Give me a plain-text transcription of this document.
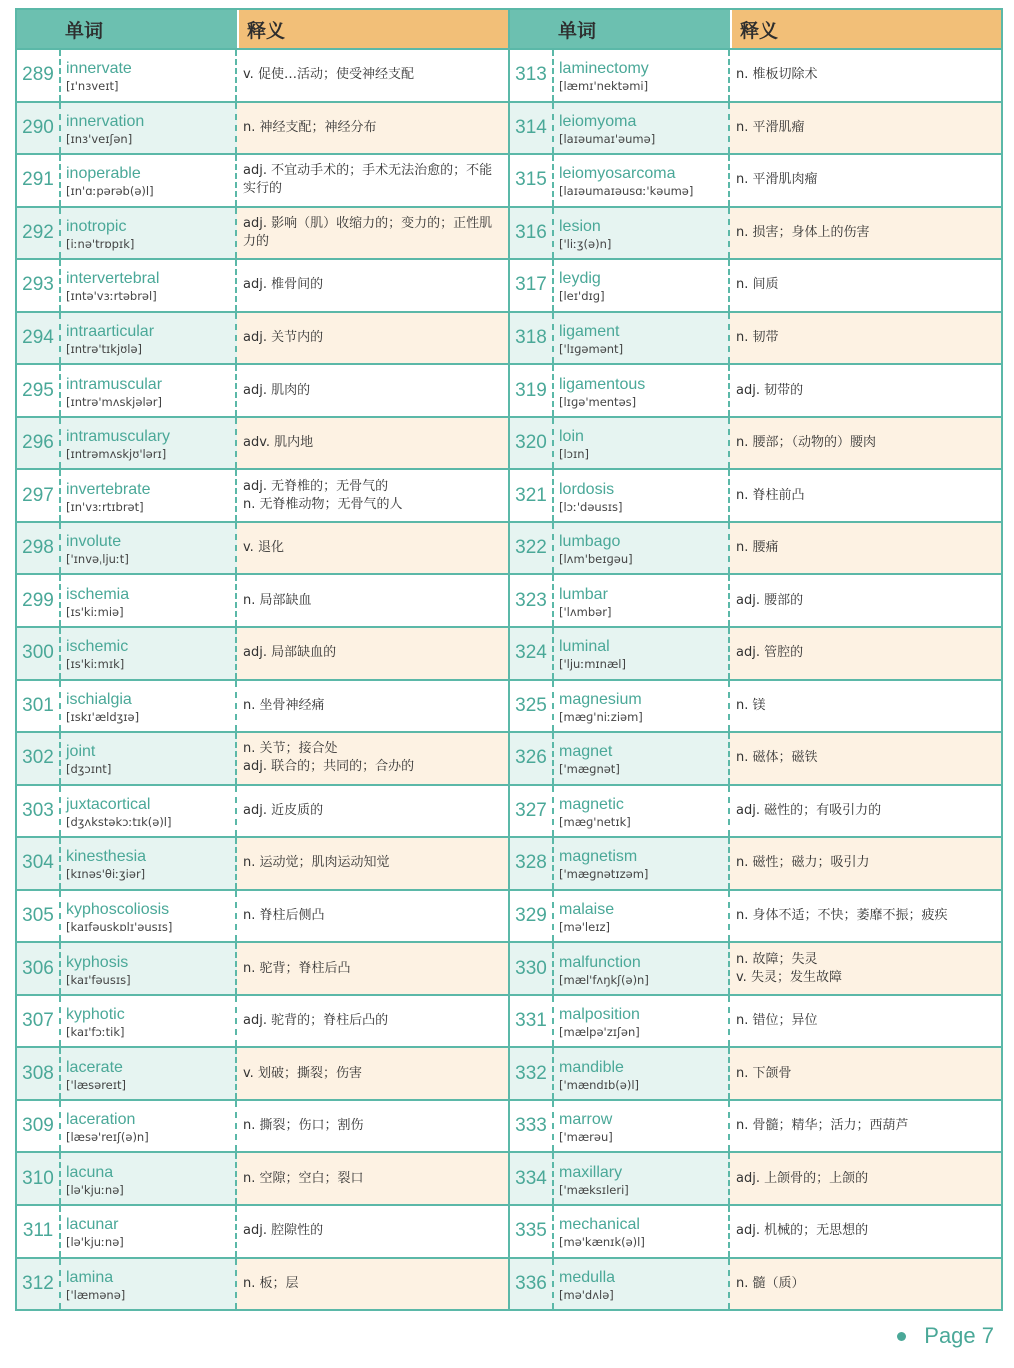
单词	释义
289 innervate
[ɪ'nɜveɪt]
v. 促使…活动；使受神经支配
290 innervation
[ɪnɜ'veɪʃən]
n. 神经支配；神经分布
291 inoperable
[ɪn'ɑːpərəb(ə)l]
adj. 不宜动手术的；手术无法治愈的；不能实行的
292 inotropic
[iːnə'trɒpɪk]
adj. 影响（肌）收缩力的；变力的；正性肌力的
293 intervertebral
[ɪntə'vɜːrtəbrəl]
adj. 椎骨间的
294 intraarticular
[ɪntrə'tɪkjʊlə]
adj. 关节内的
295 intramuscular
[ɪntrə'mʌskjələr]
adj. 肌肉的
296 intramusculary
[ɪntrəmʌskjʊ'lərɪ]
adv. 肌内地
297 invertebrate
[ɪn'vɜːrtɪbrət]
adj. 无脊椎的；无骨气的
n. 无脊椎动物；无骨气的人
298 involute
['ɪnvəˌljuːt]
v. 退化
299 ischemia
[ɪs'kiːmiə]
n. 局部缺血
300 ischemic
[ɪs'kiːmɪk]
adj. 局部缺血的
301 ischialgia
[ɪskɪ'ældʒɪə]
n. 坐骨神经痛
302 joint
[dʒɔɪnt]
n. 关节；接合处
adj. 联合的；共同的；合办的
303 juxtacortical
[dʒʌkstəkɔːtɪk(ə)l]
adj. 近皮质的
304 kinesthesia
[kɪnəs'θiːʒiər]
n. 运动觉；肌肉运动知觉
305 kyphoscoliosis
[kaɪfəuskɒlɪ'əusɪs]
n. 脊柱后侧凸
306 kyphosis
[kaɪ'fəusɪs]
n. 驼背；脊柱后凸
307 kyphotic
[kaɪ'fɔːtik]
adj. 驼背的；脊柱后凸的
308 lacerate
['læsəreɪt]
v. 划破；撕裂；伤害
309 laceration
[læsə'reɪʃ(ə)n]
n. 撕裂；伤口；割伤
310 lacuna
[lə'kjuːnə]
n. 空隙；空白；裂口
311 lacunar
[lə'kjuːnə]
adj. 腔隙性的
312 lamina
['læmənə]
n. 板；层
单词	释义
313 laminectomy
[læmɪ'nektəmi]
n. 椎板切除术
314 leiomyoma
[laɪəumaɪ'əumə]
n. 平滑肌瘤
315 leiomyosarcoma
[laɪəumaɪəusɑː'kəumə]
n. 平滑肌肉瘤
316 lesion
['liːʒ(ə)n]
n. 损害；身体上的伤害
317 leydig
[leɪ'dɪɡ]
n. 间质
318 ligament
['lɪɡəmənt]
n. 韧带
319 ligamentous
[lɪɡə'mentəs]
adj. 韧带的
320 loin
[lɔɪn]
n. 腰部；（动物的）腰肉
321 lordosis
[lɔː'dəusɪs]
n. 脊柱前凸
322 lumbago
[lʌm'beɪɡəu]
n. 腰痛
323 lumbar
['lʌmbər]
adj. 腰部的
324 luminal
['ljuːmɪnæl]
adj. 管腔的
325 magnesium
[mæɡ'niːziəm]
n. 镁
326 magnet
['mæɡnət]
n. 磁体；磁铁
327 magnetic
[mæɡ'netɪk]
adj. 磁性的；有吸引力的
328 magnetism
['mæɡnətɪzəm]
n. 磁性；磁力；吸引力
329 malaise
[mə'leɪz]
n. 身体不适；不快；萎靡不振；疲疾
330 malfunction
[mæl'fʌŋkʃ(ə)n]
n. 故障；失灵
v. 失灵；发生故障
331 malposition
[mælpə'zɪʃən]
n. 错位；异位
332 mandible
['mændɪb(ə)l]
n. 下颌骨
333 marrow
['mærəu]
n. 骨髓；精华；活力；西葫芦
334 maxillary
['mæksɪleri]
adj. 上颌骨的；上颌的
335 mechanical
[mə'kænɪk(ə)l]
adj. 机械的；无思想的
336 medulla
[mə'dʌlə]
n. 髓（质）
Page 7
